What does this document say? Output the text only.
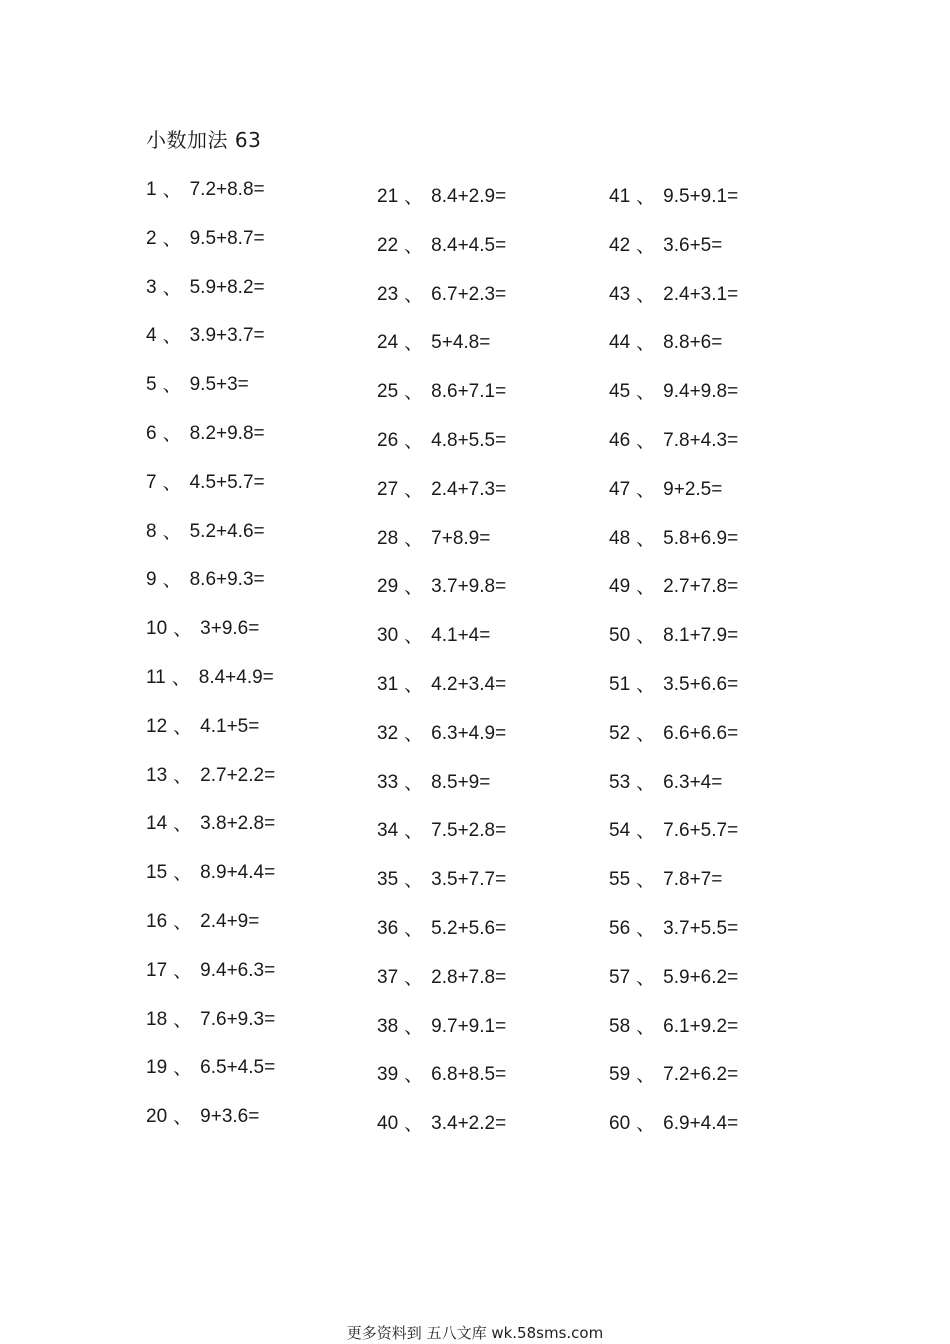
小数加法 63
1 、 7.2+8.8=
2 、 9.5+8.7=
3 、 5.9+8.2=
4 、 3.9+3.7=
5 、 9.5+3=
6 、 8.2+9.8=
7 、 4.5+5.7=
8 、 5.2+4.6=
9 、 8.6+9.3=
10 、 3+9.6=
11 、 8.4+4.9=
12 、 4.1+5=
13 、 2.7+2.2=
14 、 3.8+2.8=
15 、 8.9+4.4=
16 、 2.4+9=
17 、 9.4+6.3=
18 、 7.6+9.3=
19 、 6.5+4.5=
20 、 9+3.6=
21 、 8.4+2.9=
22 、 8.4+4.5=
23 、 6.7+2.3=
24 、 5+4.8=
25 、 8.6+7.1=
26 、 4.8+5.5=
27 、 2.4+7.3=
28 、 7+8.9=
29 、 3.7+9.8=
30 、 4.1+4=
31 、 4.2+3.4=
32 、 6.3+4.9=
33 、 8.5+9=
34 、 7.5+2.8=
35 、 3.5+7.7=
36 、 5.2+5.6=
37 、 2.8+7.8=
38 、 9.7+9.1=
39 、 6.8+8.5=
40 、 3.4+2.2=
41 、 9.5+9.1=
42 、 3.6+5=
43 、 2.4+3.1=
44 、 8.8+6=
45 、 9.4+9.8=
46 、 7.8+4.3=
47 、 9+2.5=
48 、 5.8+6.9=
49 、 2.7+7.8=
50 、 8.1+7.9=
51 、 3.5+6.6=
52 、 6.6+6.6=
53 、 6.3+4=
54 、 7.6+5.7=
55 、 7.8+7=
56 、 3.7+5.5=
57 、 5.9+6.2=
58 、 6.1+9.2=
59 、 7.2+6.2=
60 、 6.9+4.4=
更多资料到 五八文库 wk.58sms.com
